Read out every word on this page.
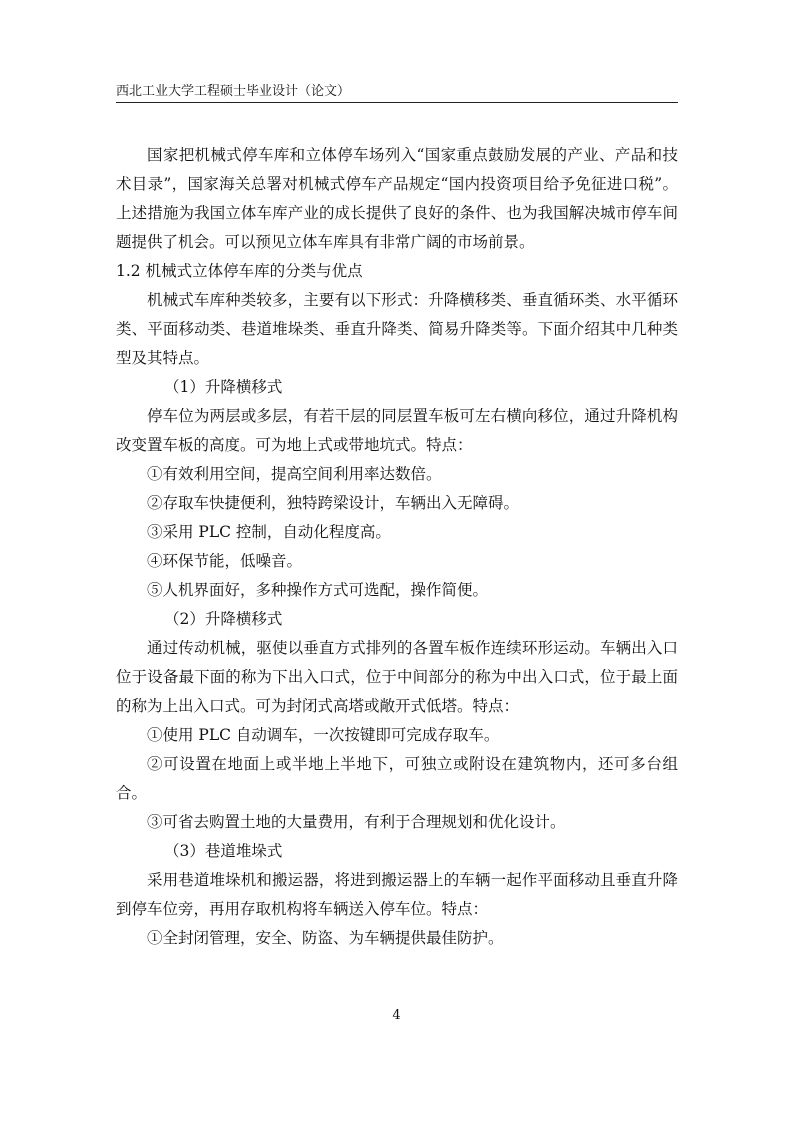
西北工业大学工程硕士毕业设计（论文）

国家把机械式停车库和立体停车场列入“国家重点鼓励发展的产业、产品和技术目录”，国家海关总署对机械式停车产品规定“国内投资项目给予免征进口税”。上述措施为我国立体车库产业的成长提供了良好的条件、也为我国解决城市停车间题提供了机会。可以预见立体车库具有非常广阔的市场前景。

1.2 机械式立体停车库的分类与优点

机械式车库种类较多，主要有以下形式：升降横移类、垂直循环类、水平循环类、平面移动类、巷道堆垛类、垂直升降类、简易升降类等。下面介绍其中几种类型及其特点。

（1）升降横移式

停车位为两层或多层，有若干层的同层置车板可左右横向移位，通过升降机构改变置车板的高度。可为地上式或带地坑式。特点：

①有效利用空间，提高空间利用率达数倍。

②存取车快捷便利，独特跨梁设计，车辆出入无障碍。

③采用 PLC 控制，自动化程度高。

④环保节能，低噪音。

⑤人机界面好，多种操作方式可选配，操作简便。

（2）升降横移式

通过传动机械，驱使以垂直方式排列的各置车板作连续环形运动。车辆出入口位于设备最下面的称为下出入口式，位于中间部分的称为中出入口式，位于最上面的称为上出入口式。可为封闭式高塔或敞开式低塔。特点：

①使用 PLC 自动调车，一次按键即可完成存取车。

②可设置在地面上或半地上半地下，可独立或附设在建筑物内，还可多台组合。

③可省去购置土地的大量费用，有利于合理规划和优化设计。

（3）巷道堆垛式

采用巷道堆垛机和搬运器，将进到搬运器上的车辆一起作平面移动且垂直升降到停车位旁，再用存取机构将车辆送入停车位。特点：

①全封闭管理，安全、防盗、为车辆提供最佳防护。

4
